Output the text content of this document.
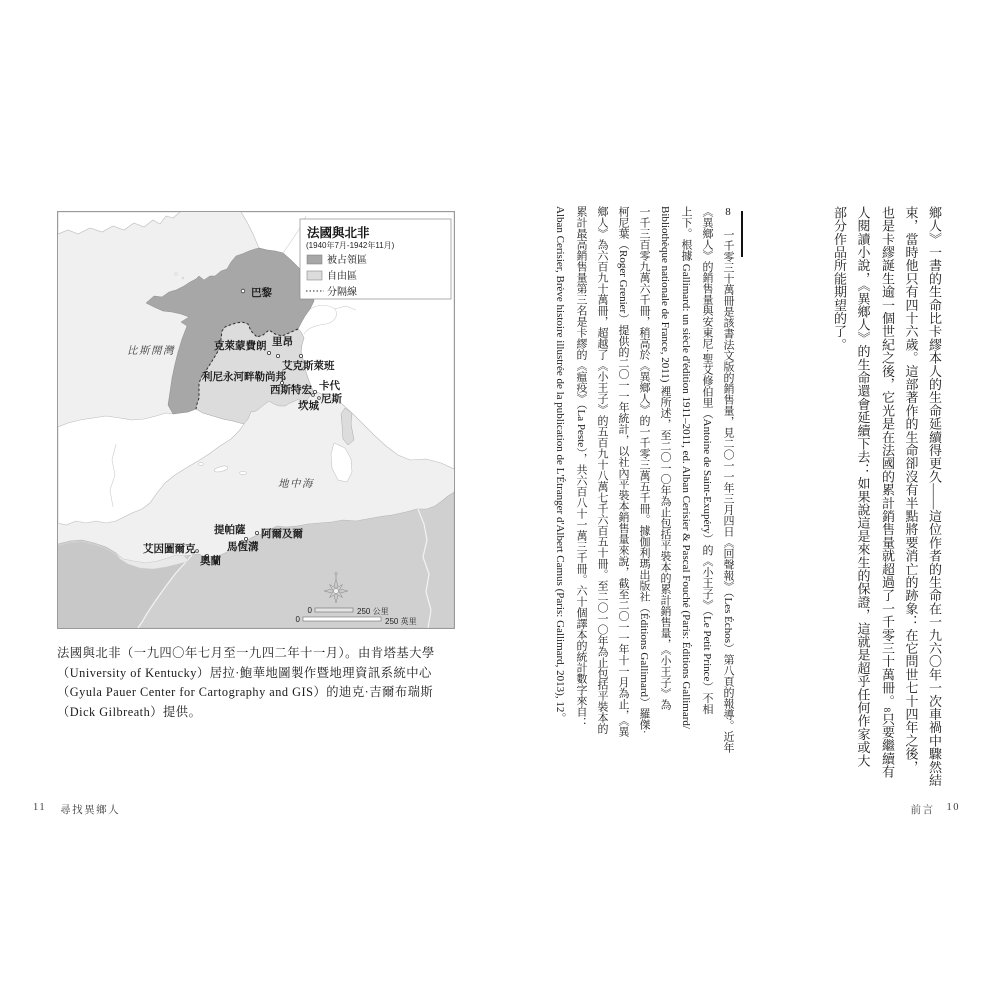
比斯開灣
地中海
巴黎
克萊蒙費朗 里昂
艾克斯萊班
利尼永河畔勒尚邦
西斯特宏 卡代
坎城
尼斯
提帕薩 阿爾及爾
馬恆溝
艾因圖爾克
奧蘭
法國與北非
(1940年7月-1942年11月)
被占領區
自由區
分隔線
0	250 公里
0	250 英里
法國與北非（一九四〇年七月至一九四二年十一月）。由肯塔基大學
（University of Kentucky）居拉·鮑華地圖製作暨地理資訊系統中心
（Gyula Pauer Center for Cartography and GIS）的迪克·吉爾布瑞斯
（Dick Gilbreath）提供。
8一千零三十萬冊是該書法文版的銷售量，見二〇一一年三月四日《回聲報》（Les Échos）第八頁的報導。近年
《異鄉人》的銷售量與安東尼·聖艾修伯里（Antoine de Saint-Exupéry）的《小王子》（Le Petit Prince）不相
上下。根據 Gallimard: un siècle d'édition 1911–2011, ed. Alban Cerisier & Pascal Fouché (Paris: Éditions Gallimard/
Bibliothèque nationale de France, 2011) 裡所述，至二〇一〇年為止包括平裝本的累計銷售量，《小王子》為
一千三百零九萬六千冊，稍高於《異鄉人》的一千零三萬五千冊。據伽利瑪出版社（Éditions Gallimard）羅傑·
柯尼葉（Roger Grenier）提供的二〇一一年統計，以社內平裝本銷售量來說，截至二〇一一年十一月為止，《異
鄉人》為六百九十萬冊，超越了《小王子》的五百九十八萬七千六百五十冊。至二〇一〇年為止包括平裝本的
累計最高銷售量第三名是卡繆的《瘟疫》（La Peste），共六百八十一萬三千冊。六十個譯本的統計數字來自：
Alban Cerisier, Brève histoire illustrée de la publication de L'Étranger d'Albert Camus (Paris: Gallimard, 2013), 12。	鄉人》一書的生命比卡繆本人的生命延續得更久——這位作者的生命在一九六〇年一次車禍中驟然結
束，當時他只有四十六歲。這部著作的生命卻沒有半點將要消亡的跡象：在它問世七十四年之後，
也是卡繆誕生逾一個世紀之後，它光是在法國的累計銷售量就超過了一千零三十萬冊。8只要繼續有
人閱讀小說，《異鄉人》的生命還會延續下去：如果說這是來生的保證，這就是超乎任何作家或大
部分作品所能期望的了。
11 尋找異鄉人	前言 10
